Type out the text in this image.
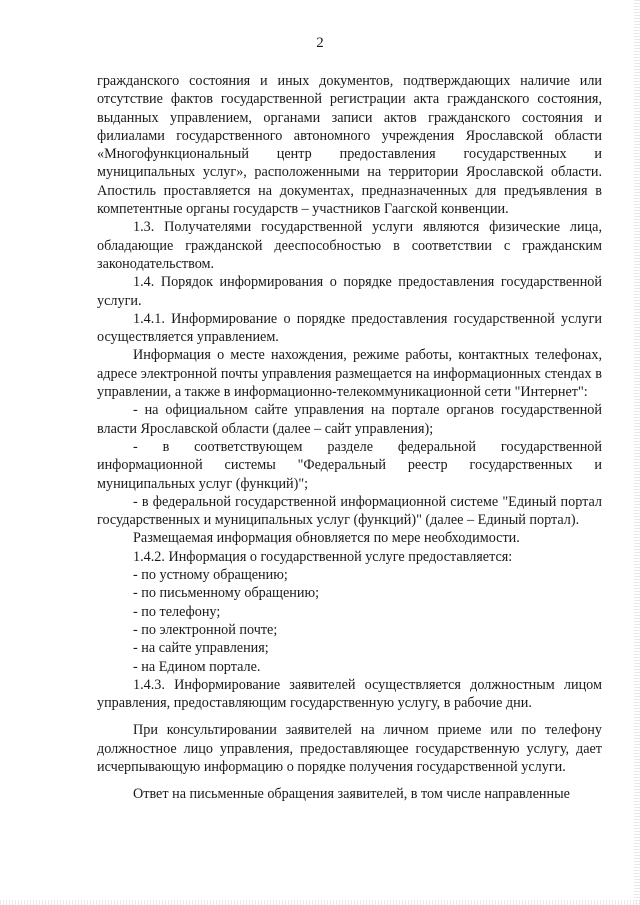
2

гражданского состояния и иных документов, подтверждающих наличие или отсутствие фактов государственной регистрации акта гражданского состояния, выданных управлением, органами записи актов гражданского состояния и филиалами государственного автономного учреждения Ярославской области «Многофункциональный центр предоставления государственных и муниципальных услуг», расположенными на территории Ярославской области. Апостиль проставляется на документах, предназначенных для предъявления в компетентные органы государств – участников Гаагской конвенции.

1.3. Получателями государственной услуги являются физические лица, обладающие гражданской дееспособностью в соответствии с гражданским законодательством.

1.4. Порядок информирования о порядке предоставления государственной услуги.

1.4.1. Информирование о порядке предоставления государственной услуги осуществляется управлением.

Информация о месте нахождения, режиме работы, контактных телефонах, адресе электронной почты управления размещается на информационных стендах в управлении, а также в информационно-телекоммуникационной сети "Интернет":

- на официальном сайте управления на портале органов государственной власти Ярославской области (далее – сайт управления);

- в соответствующем разделе федеральной государственной информационной системы "Федеральный реестр государственных и муниципальных услуг (функций)";

- в федеральной государственной информационной системе "Единый портал государственных и муниципальных услуг (функций)" (далее – Единый портал).

Размещаемая информация обновляется по мере необходимости.

1.4.2. Информация о государственной услуге предоставляется:

- по устному обращению;

- по письменному обращению;

- по телефону;

- по электронной почте;

- на сайте управления;

- на Едином портале.

1.4.3. Информирование заявителей осуществляется должностным лицом управления, предоставляющим государственную услугу, в рабочие дни.

При консультировании заявителей на личном приеме или по телефону должностное лицо управления, предоставляющее государственную услугу, дает исчерпывающую информацию о порядке получения государственной услуги.

Ответ на письменные обращения заявителей, в том числе направленные
